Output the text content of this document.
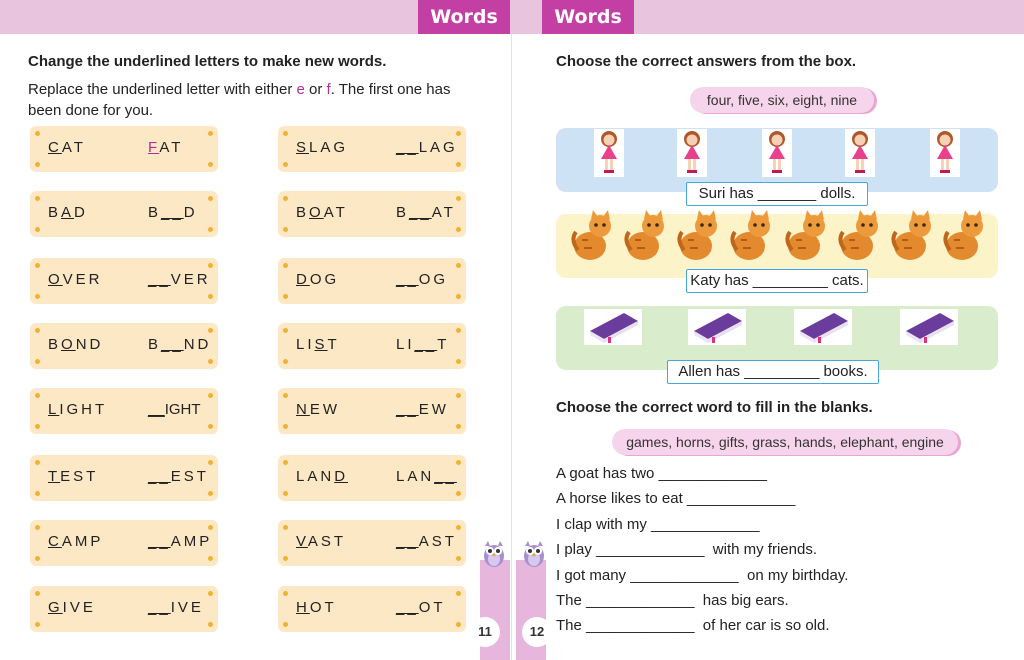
Words
Change the underlined letters to make new words.
Replace the underlined letter with either e or f. The first one has been done for you.
CAT	FAT
BAD	B__D
OVER	__VER
BOND	B__ND
LIGHT	__IGHT
TEST	__EST
CAMP	__AMP
GIVE	__IVE
SLAG	__LAG
BOAT	B__AT
DOG	__OG
LIST	LI__T
NEW	__EW
LAND	LAN__
VAST	__AST
HOT	__OT
11
Words
Choose the correct answers from the box.
four, five, six, eight, nine
Suri has _______ dolls.
Katy has _________ cats.
Allen has _________ books.
Choose the correct word to fill in the blanks.
games, horns, gifts, grass, hands, elephant, engine
A goat has two _____________
A horse likes to eat _____________
I clap with my _____________
I play _____________  with my friends.
I got many _____________  on my birthday.
The _____________  has big ears.
The _____________  of her car is so old.
12
